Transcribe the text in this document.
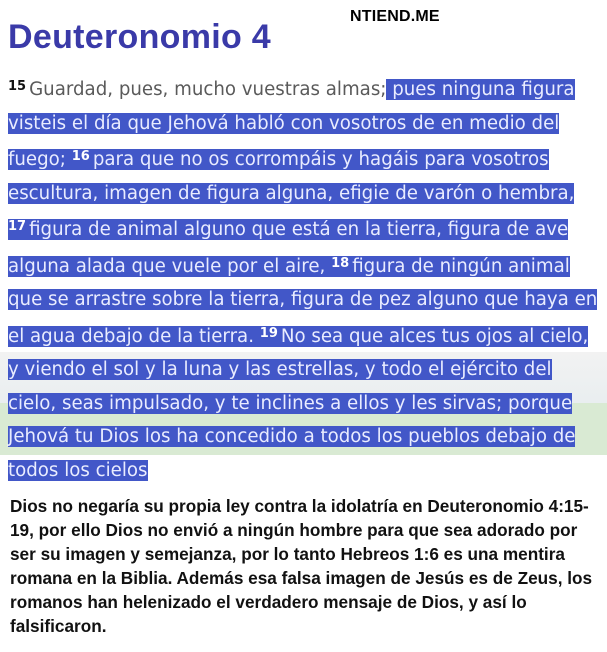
NTIEND.ME
Deuteronomio 4
$^{15}$ Guardad, pues, mucho vuestras almas; pues ninguna figura visteis el día que Jehová habló con vosotros de en medio del fuego; $^{16}$ para que no os corrompáis y hagáis para vosotros escultura, imagen de figura alguna, efigie de varón o hembra, $^{17}$ figura de animal alguno que está en la tierra, figura de ave alguna alada que vuele por el aire, $^{18}$ figura de ningún animal que se arrastre sobre la tierra, figura de pez alguno que haya en el agua debajo de la tierra. $^{19}$ No sea que alces tus ojos al cielo, y viendo el sol y la luna y las estrellas, y todo el ejército del cielo, seas impulsado, y te inclines a ellos y les sirvas; porque Jehová tu Dios los ha concedido a todos los pueblos debajo de todos los cielos
Dios no negaría su propia ley contra la idolatría en Deuteronomio 4:15-19, por ello Dios no envió a ningún hombre para que sea adorado por ser su imagen y semejanza, por lo tanto Hebreos 1:6 es una mentira romana en la Biblia. Además esa falsa imagen de Jesús es de Zeus, los romanos han helenizado el verdadero mensaje de Dios, y así lo falsificaron.
